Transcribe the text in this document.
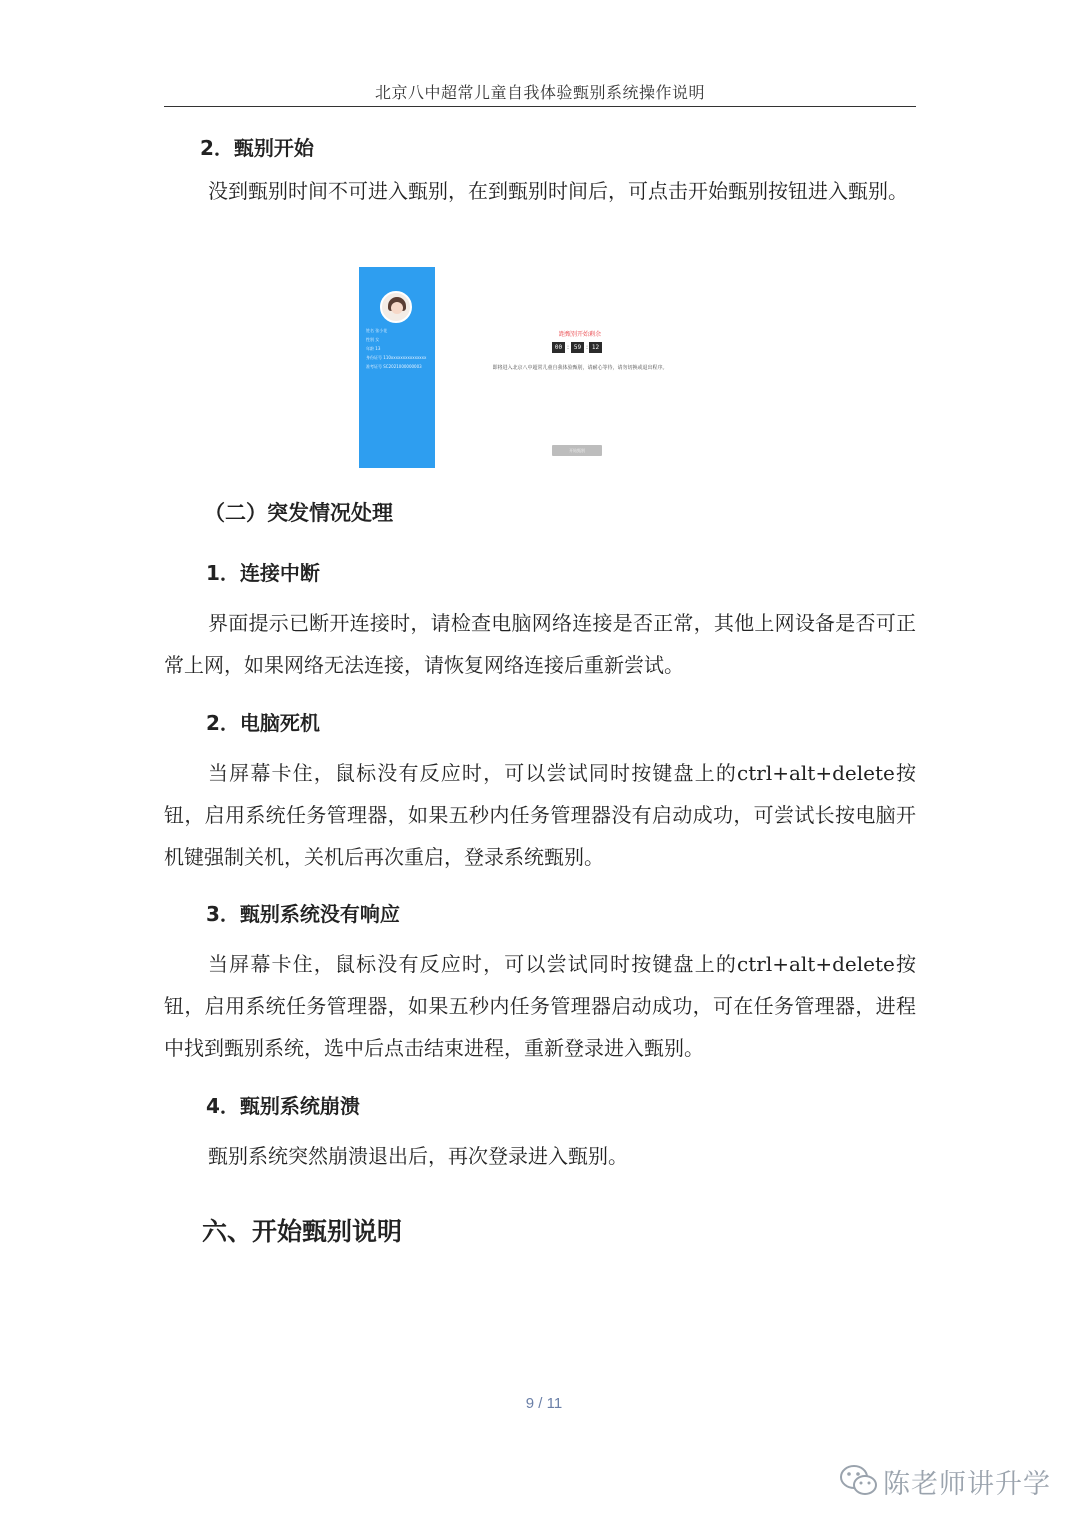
北京八中超常儿童自我体验甄别系统操作说明
2．甄别开始

没到甄别时间不可进入甄别，在到甄别时间后，可点击开始甄别按钮进入甄别。

姓名 张小花
性别 女
年龄 13
身份证号 110xxxxxxxxxxxxxxx
准考证号 SC2021000000003
距甄别开始剩余
00 : 59 : 12
即将进入北京八中超常儿童自我体验甄别，请耐心等待，请勿切换或退出程序。
开始甄别
（二）突发情况处理
1．连接中断

界面提示已断开连接时，请检查电脑网络连接是否正常，其他上网设备是否可正常上网，如果网络无法连接，请恢复网络连接后重新尝试。

2．电脑死机

当屏幕卡住，鼠标没有反应时，可以尝试同时按键盘上的ctrl+alt+delete按钮，启用系统任务管理器，如果五秒内任务管理器没有启动成功，可尝试长按电脑开机键强制关机，关机后再次重启，登录系统甄别。

3．甄别系统没有响应

当屏幕卡住，鼠标没有反应时，可以尝试同时按键盘上的ctrl+alt+delete按钮，启用系统任务管理器，如果五秒内任务管理器启动成功，可在任务管理器，进程中找到甄别系统，选中后点击结束进程，重新登录进入甄别。

4．甄别系统崩溃

甄别系统突然崩溃退出后，再次登录进入甄别。

六、开始甄别说明
9 / 11
陈老师讲升学
